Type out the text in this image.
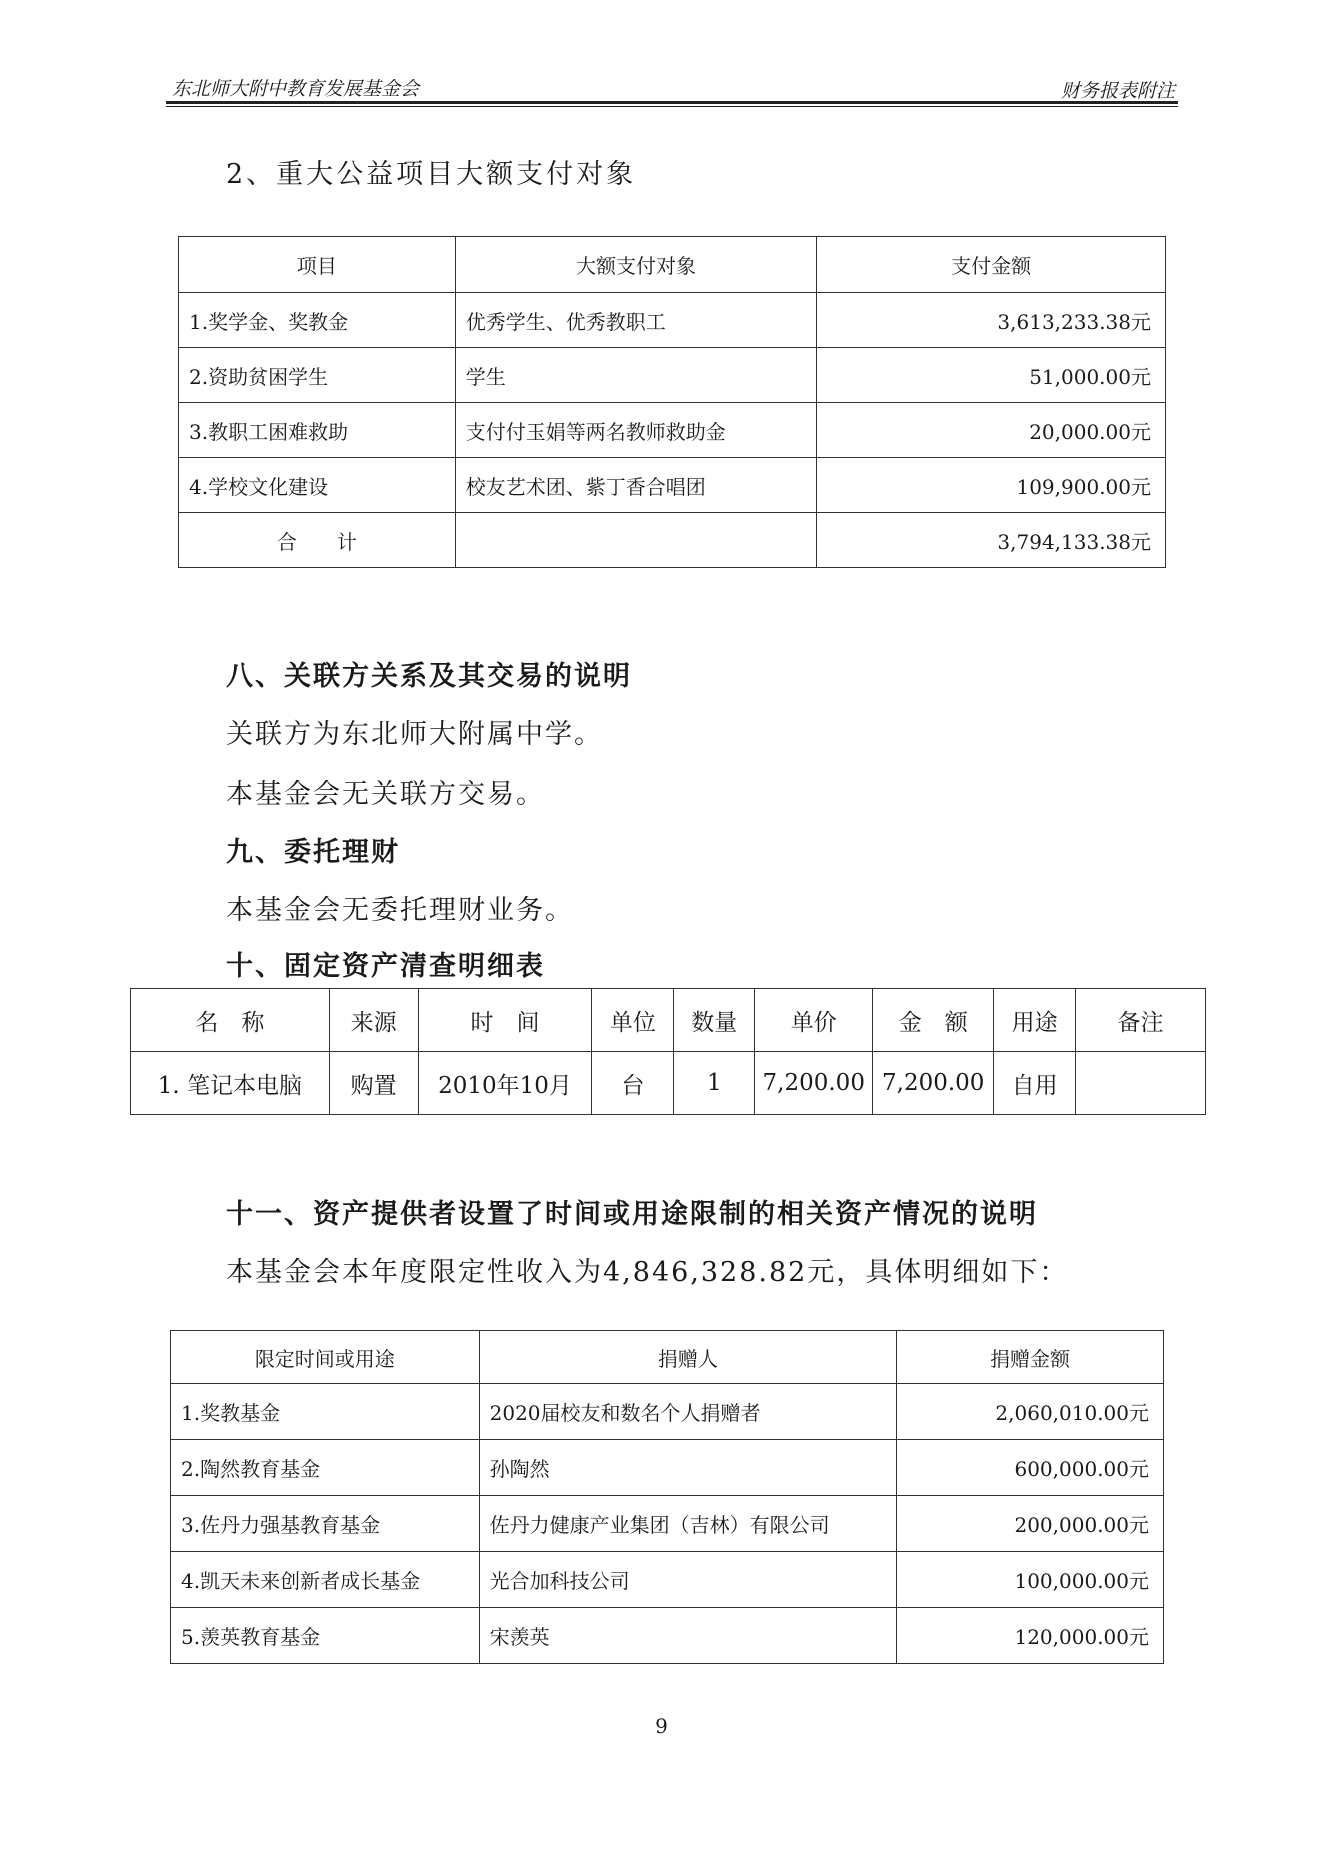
东北师大附中教育发展基金会	财务报表附注
2、重大公益项目大额支付对象
项目	大额支付对象	支付金额
1.奖学金、奖教金	优秀学生、优秀教职工	3,613,233.38元
2.资助贫困学生	学生	51,000.00元
3.教职工困难救助	支付付玉娟等两名教师救助金	20,000.00元
4.学校文化建设	校友艺术团、紫丁香合唱团	109,900.00元
合　　计		3,794,133.38元
八、关联方关系及其交易的说明
关联方为东北师大附属中学。
本基金会无关联方交易。
九、委托理财
本基金会无委托理财业务。
十、固定资产清查明细表
名　称	来源	时　间	单位	数量	单价	金　额	用途	备注
1. 笔记本电脑	购置	2010年10月	台	1	7,200.00	7,200.00	自用	
十一、资产提供者设置了时间或用途限制的相关资产情况的说明
本基金会本年度限定性收入为4,846,328.82元，具体明细如下：
限定时间或用途	捐赠人	捐赠金额
1.奖教基金	2020届校友和数名个人捐赠者	2,060,010.00元
2.陶然教育基金	孙陶然	600,000.00元
3.佐丹力强基教育基金	佐丹力健康产业集团（吉林）有限公司	200,000.00元
4.凯天未来创新者成长基金	光合加科技公司	100,000.00元
5.羡英教育基金	宋羡英	120,000.00元
9
